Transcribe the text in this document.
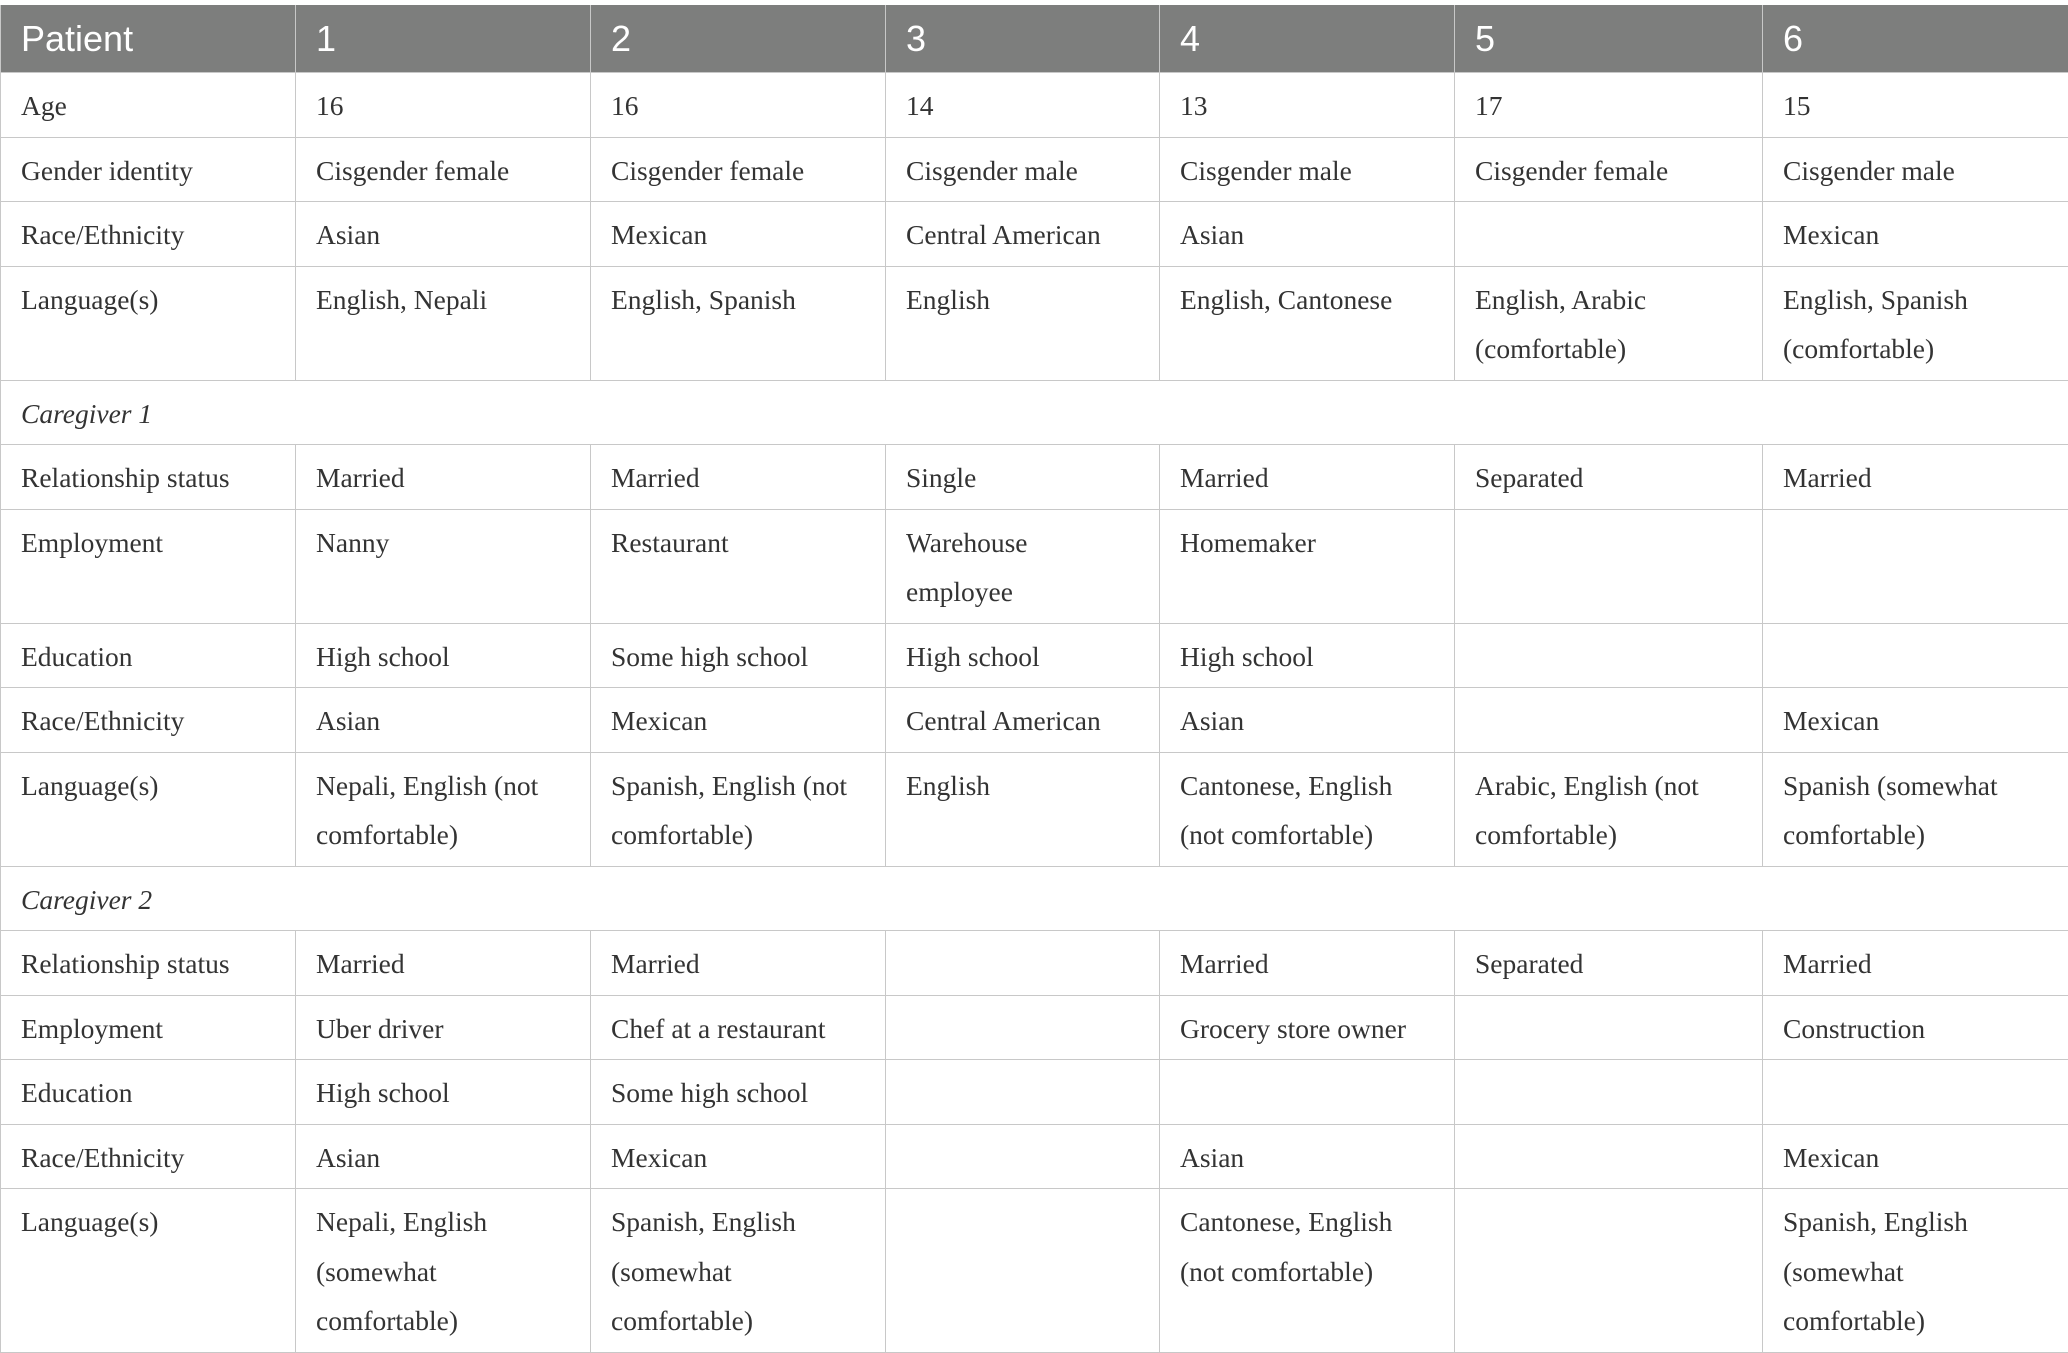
Patient	1	2	3	4	5	6
Age	16	16	14	13	17	15
Gender identity	Cisgender female	Cisgender female	Cisgender male	Cisgender male	Cisgender female	Cisgender male
Race/Ethnicity	Asian	Mexican	Central American	Asian		Mexican
Language(s)	English, Nepali	English, Spanish	English	English, Cantonese	English, Arabic (comfortable)	English, Spanish (comfortable)
Caregiver 1						
Relationship status	Married	Married	Single	Married	Separated	Married
Employment	Nanny	Restaurant	Warehouse employee	Homemaker		
Education	High school	Some high school	High school	High school		
Race/Ethnicity	Asian	Mexican	Central American	Asian		Mexican
Language(s)	Nepali, English (not comfortable)	Spanish, English (not comfortable)	English	Cantonese, English (not comfortable)	Arabic, English (not comfortable)	Spanish (somewhat comfortable)
Caregiver 2						
Relationship status	Married	Married		Married	Separated	Married
Employment	Uber driver	Chef at a restaurant		Grocery store owner		Construction
Education	High school	Some high school				
Race/Ethnicity	Asian	Mexican		Asian		Mexican
Language(s)	Nepali, English (somewhat comfortable)	Spanish, English (somewhat comfortable)		Cantonese, English (not comfortable)		Spanish, English (somewhat comfortable)
